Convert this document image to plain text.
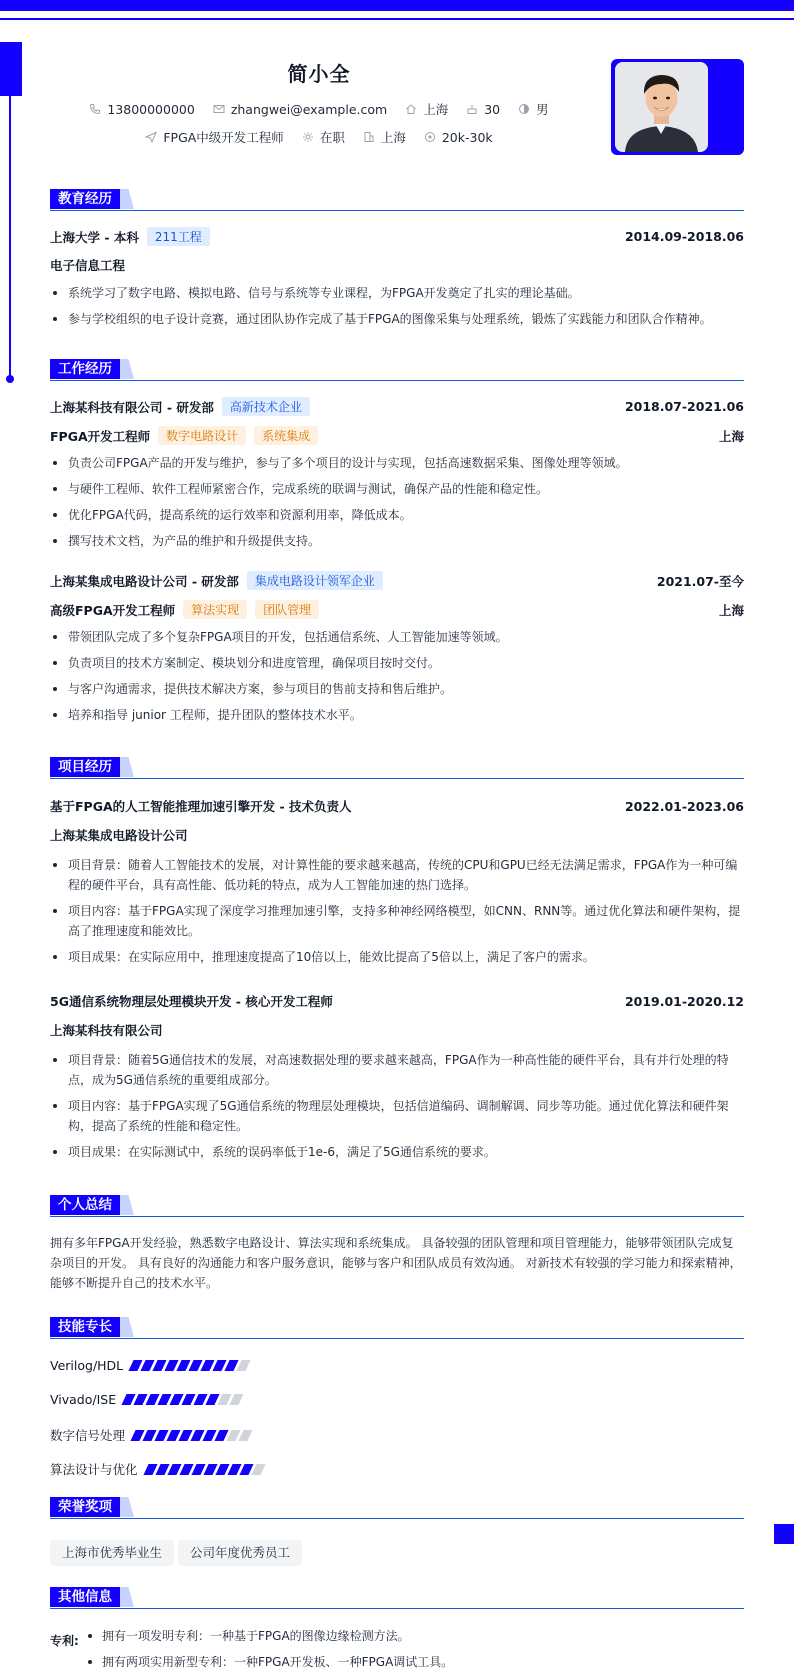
简小全
13800000000	zhangwei@example.com	上海	30	男
FPGA中级开发工程师	在职	上海	20k-30k
教育经历
上海大学 - 本科	211工程	2014.09-2018.06
电子信息工程
系统学习了数字电路、模拟电路、信号与系统等专业课程，为FPGA开发奠定了扎实的理论基础。
参与学校组织的电子设计竞赛，通过团队协作完成了基于FPGA的图像采集与处理系统，锻炼了实践能力和团队合作精神。
工作经历
上海某科技有限公司 - 研发部	高新技术企业	2018.07-2021.06
FPGA开发工程师	数字电路设计	系统集成	上海
负责公司FPGA产品的开发与维护，参与了多个项目的设计与实现，包括高速数据采集、图像处理等领域。
与硬件工程师、软件工程师紧密合作，完成系统的联调与测试，确保产品的性能和稳定性。
优化FPGA代码，提高系统的运行效率和资源利用率，降低成本。
撰写技术文档，为产品的维护和升级提供支持。
上海某集成电路设计公司 - 研发部	集成电路设计领军企业	2021.07-至今
高级FPGA开发工程师	算法实现	团队管理	上海
带领团队完成了多个复杂FPGA项目的开发，包括通信系统、人工智能加速等领域。
负责项目的技术方案制定、模块划分和进度管理，确保项目按时交付。
与客户沟通需求，提供技术解决方案，参与项目的售前支持和售后维护。
培养和指导 junior 工程师，提升团队的整体技术水平。
项目经历
基于FPGA的人工智能推理加速引擎开发 - 技术负责人	2022.01-2023.06
上海某集成电路设计公司
项目背景：随着人工智能技术的发展，对计算性能的要求越来越高，传统的CPU和GPU已经无法满足需求，FPGA作为一种可编程的硬件平台，具有高性能、低功耗的特点，成为人工智能加速的热门选择。
项目内容：基于FPGA实现了深度学习推理加速引擎，支持多种神经网络模型，如CNN、RNN等。通过优化算法和硬件架构，提高了推理速度和能效比。
项目成果：在实际应用中，推理速度提高了10倍以上，能效比提高了5倍以上，满足了客户的需求。
5G通信系统物理层处理模块开发 - 核心开发工程师	2019.01-2020.12
上海某科技有限公司
项目背景：随着5G通信技术的发展，对高速数据处理的要求越来越高，FPGA作为一种高性能的硬件平台，具有并行处理的特点，成为5G通信系统的重要组成部分。
项目内容：基于FPGA实现了5G通信系统的物理层处理模块，包括信道编码、调制解调、同步等功能。通过优化算法和硬件架构，提高了系统的性能和稳定性。
项目成果：在实际测试中，系统的误码率低于1e-6，满足了5G通信系统的要求。
个人总结
拥有多年FPGA开发经验，熟悉数字电路设计、算法实现和系统集成。 具备较强的团队管理和项目管理能力，能够带领团队完成复杂项目的开发。 具有良好的沟通能力和客户服务意识，能够与客户和团队成员有效沟通。 对新技术有较强的学习能力和探索精神，能够不断提升自己的技术水平。
技能专长
Verilog/HDL
Vivado/ISE
数字信号处理
算法设计与优化
荣誉奖项
上海市优秀毕业生	公司年度优秀员工
其他信息
专利:	拥有一项发明专利：一种基于FPGA的图像边缘检测方法。
拥有两项实用新型专利：一种FPGA开发板、一种FPGA调试工具。
